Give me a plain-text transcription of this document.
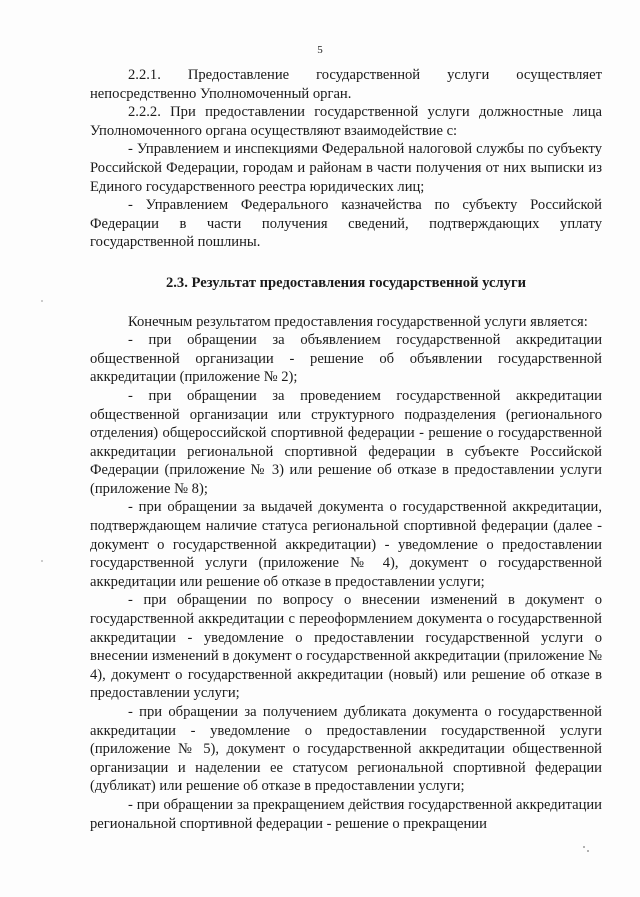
5

2.2.1. Предоставление государственной услуги осуществляет непосредственно Уполномоченный орган.

2.2.2. При предоставлении государственной услуги должностные лица Уполномоченного органа осуществляют взаимодействие с:

- Управлением и инспекциями Федеральной налоговой службы по субъекту Российской Федерации, городам и районам в части получения от них выписки из Единого государственного реестра юридических лиц;

- Управлением Федерального казначейства по субъекту Российской Федерации в части получения сведений, подтверждающих уплату государственной пошлины.

2.3. Результат предоставления государственной услуги

Конечным результатом предоставления государственной услуги является:

- при обращении за объявлением государственной аккредитации общественной организации - решение об объявлении государственной аккредитации (приложение № 2);

- при обращении за проведением государственной аккредитации общественной организации или структурного подразделения (регионального отделения) общероссийской спортивной федерации - решение о государственной аккредитации региональной спортивной федерации в субъекте Российской Федерации (приложение № 3) или решение об отказе в предоставлении услуги (приложение № 8);

- при обращении за выдачей документа о государственной аккредитации, подтверждающем наличие статуса региональной спортивной федерации (далее - документ о государственной аккредитации) - уведомление о предоставлении государственной услуги (приложение № 4), документ о государственной аккредитации или решение об отказе в предоставлении услуги;

- при обращении по вопросу о внесении изменений в документ о государственной аккредитации с переоформлением документа о государственной аккредитации - уведомление о предоставлении государственной услуги о внесении изменений в документ о государственной аккредитации (приложение № 4), документ о государственной аккредитации (новый) или решение об отказе в предоставлении услуги;

- при обращении за получением дубликата документа о государственной аккредитации - уведомление о предоставлении государственной услуги (приложение № 5), документ о государственной аккредитации общественной организации и наделении ее статусом региональной спортивной федерации (дубликат) или решение об отказе в предоставлении услуги;

- при обращении за прекращением действия государственной аккредитации региональной спортивной федерации - решение о прекращении
